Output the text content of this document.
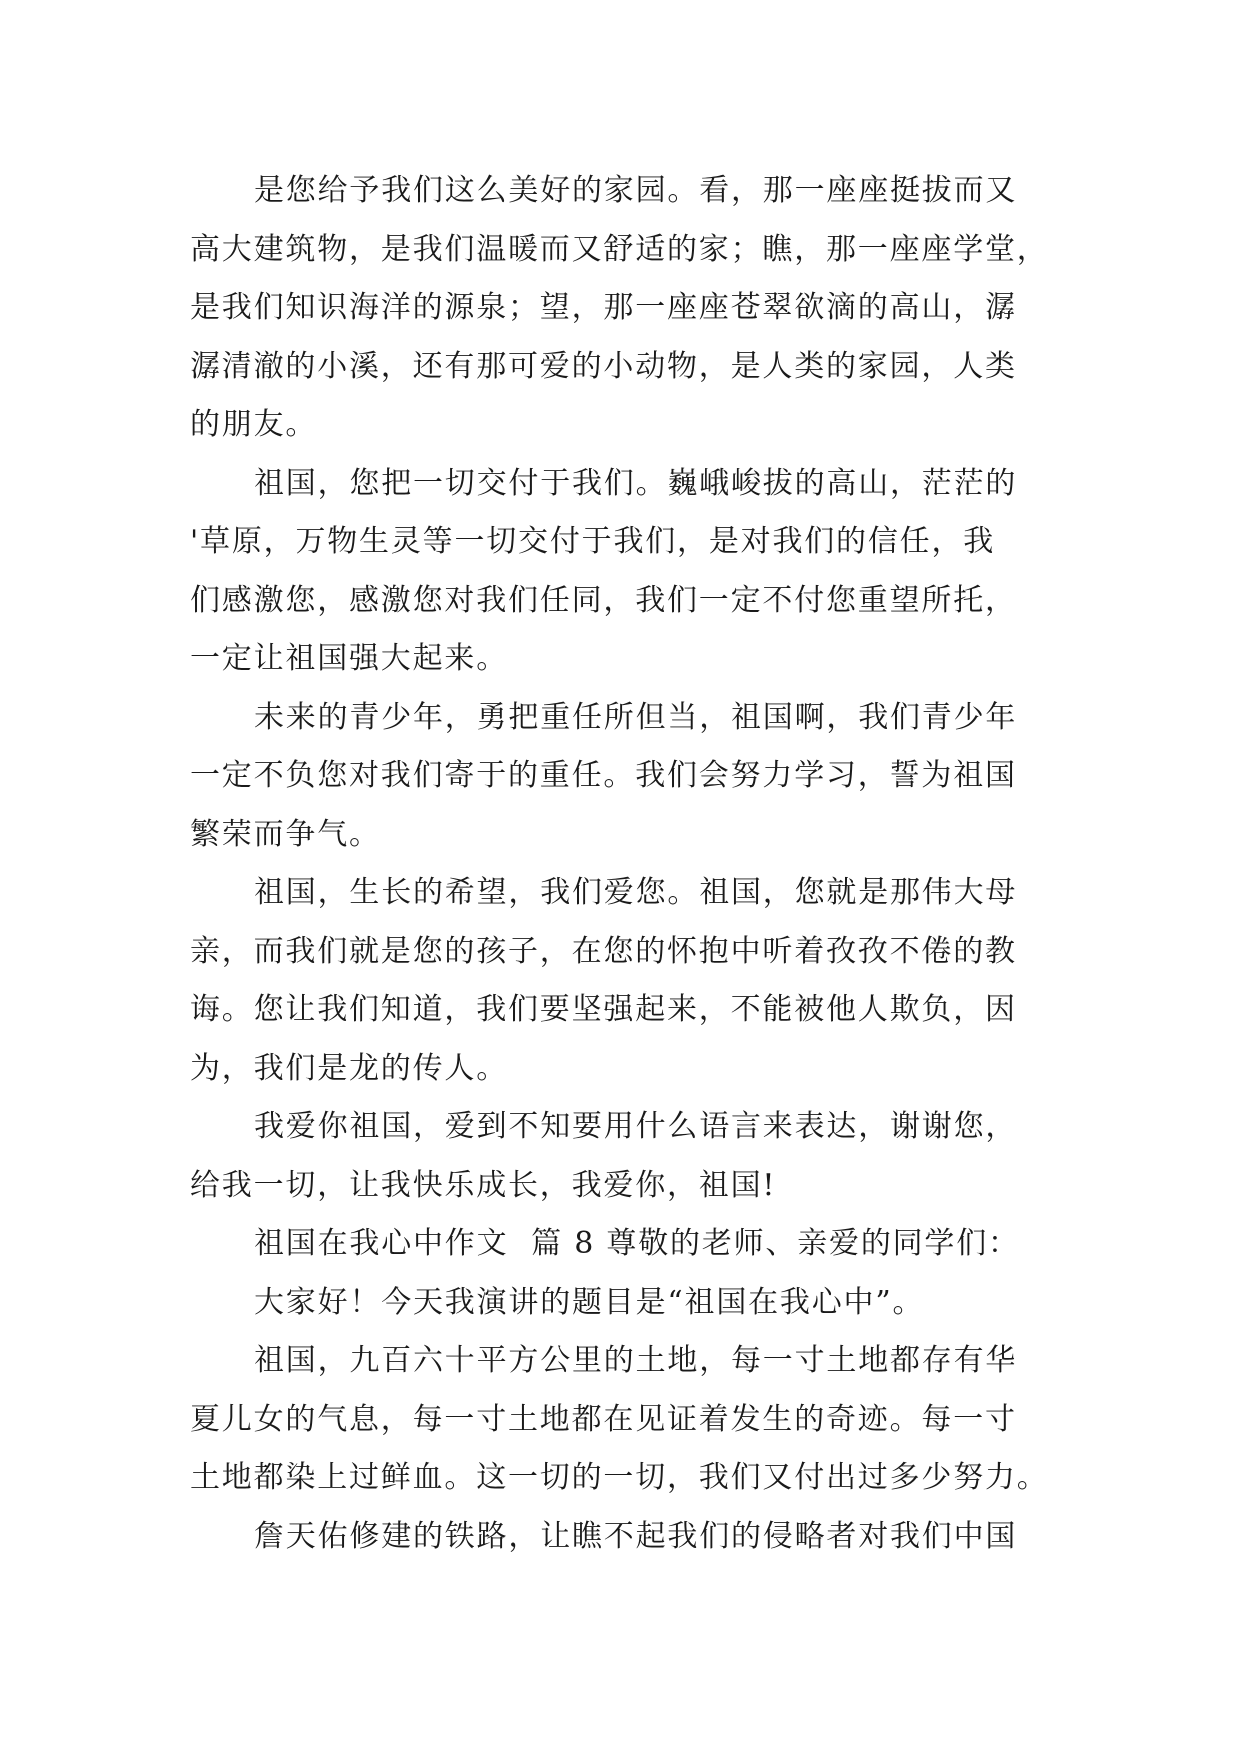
是您给予我们这么美好的家园。看，那一座座挺拔而又
高大建筑物，是我们温暖而又舒适的家；瞧，那一座座学堂，
是我们知识海洋的源泉；望，那一座座苍翠欲滴的高山，潺
潺清澈的小溪，还有那可爱的小动物，是人类的家园，人类
的朋友。

祖国，您把一切交付于我们。巍峨峻拔的高山，茫茫的
'草原，万物生灵等一切交付于我们，是对我们的信任，我
们感激您，感激您对我们任同，我们一定不付您重望所托，
一定让祖国强大起来。

未来的青少年，勇把重任所但当，祖国啊，我们青少年
一定不负您对我们寄于的重任。我们会努力学习，誓为祖国
繁荣而争气。

祖国，生长的希望，我们爱您。祖国，您就是那伟大母
亲，而我们就是您的孩子，在您的怀抱中听着孜孜不倦的教
诲。您让我们知道，我们要坚强起来，不能被他人欺负，因
为，我们是龙的传人。

我爱你祖国，爱到不知要用什么语言来表达，谢谢您，
给我一切，让我快乐成长，我爱你，祖国!

祖国在我心中作文  篇 8 尊敬的老师、亲爱的同学们：

大家好！今天我演讲的题目是“祖国在我心中”。

祖国，九百六十平方公里的土地，每一寸土地都存有华
夏儿女的气息，每一寸土地都在见证着发生的奇迹。每一寸
土地都染上过鲜血。这一切的一切，我们又付出过多少努力。

詹天佑修建的铁路，让瞧不起我们的侵略者对我们中国
